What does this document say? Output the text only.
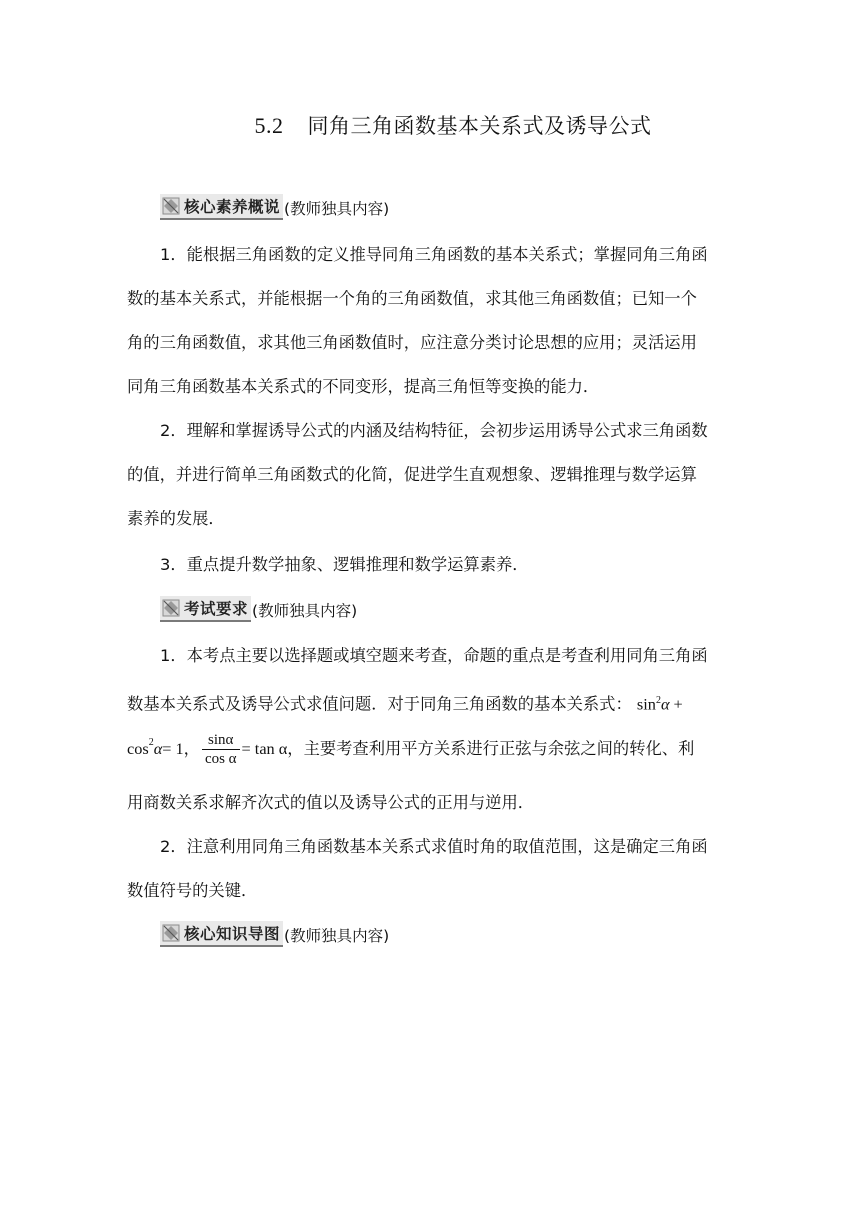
5.2 同角三角函数基本关系式及诱导公式
核心素养概说 (教师独具内容)
1．能根据三角函数的定义推导同角三角函数的基本关系式；掌握同角三角函
数的基本关系式，并能根据一个角的三角函数值，求其他三角函数值；已知一个
角的三角函数值，求其他三角函数值时，应注意分类讨论思想的应用；灵活运用
同角三角函数基本关系式的不同变形，提高三角恒等变换的能力．
2．理解和掌握诱导公式的内涵及结构特征，会初步运用诱导公式求三角函数
的值，并进行简单三角函数式的化简，促进学生直观想象、逻辑推理与数学运算
素养的发展．
3．重点提升数学抽象、逻辑推理和数学运算素养．
考试要求 (教师独具内容)
1．本考点主要以选择题或填空题来考查，命题的重点是考查利用同角三角函
数基本关系式及诱导公式求值问题．对于同角三角函数的基本关系式： $\sin^2\alpha$ +
$\cos^2 \alpha = 1$， $\frac{\sin\alpha}{\text{cos α}} = \tan \alpha$， 主要考查利用平方关系进行正弦与余弦之间的转化、利
用商数关系求解齐次式的值以及诱导公式的正用与逆用．
2．注意利用同角三角函数基本关系式求值时角的取值范围，这是确定三角函
数值符号的关键．
核心知识导图 (教师独具内容)
